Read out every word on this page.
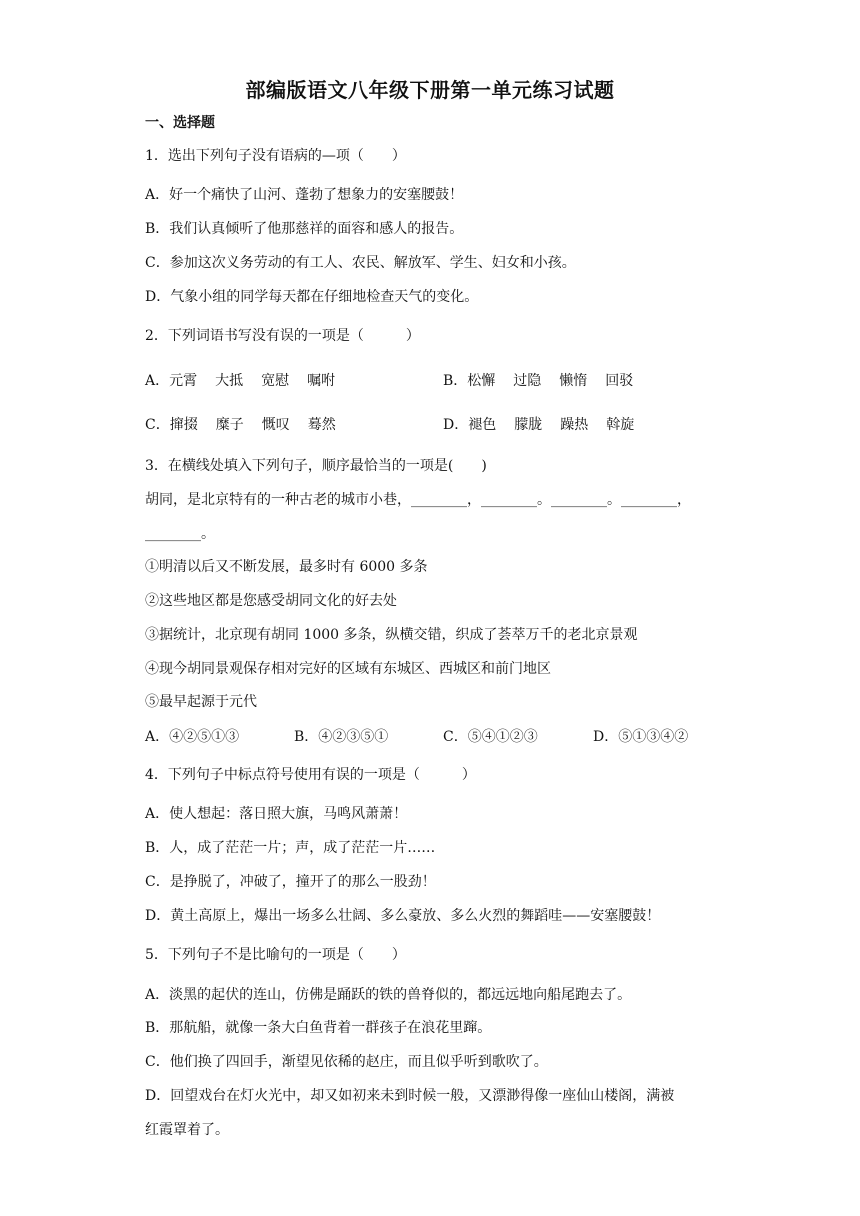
部编版语文八年级下册第一单元练习试题
一、选择题
1．选出下列句子没有语病的—项（　　）
A．好一个痛快了山河、蓬勃了想象力的安塞腰鼓！
B．我们认真倾听了他那慈祥的面容和感人的报告。
C．参加这次义务劳动的有工人、农民、解放军、学生、妇女和小孩。
D．气象小组的同学每天都在仔细地检查天气的变化。
2．下列词语书写没有误的一项是（　　　）
A．元霄 大抵 宽慰 嘱咐	B．松懈 过隐 懒惰 回驳
C．撺掇 糜子 慨叹 蓦然	D．褪色 朦胧 躁热 斡旋
3．在横线处填入下列句子，顺序最恰当的一项是(　　)
胡同，是北京特有的一种古老的城市小巷，________，________。________。________，
________。
①明清以后又不断发展，最多时有 6000 多条
②这些地区都是您感受胡同文化的好去处
③据统计，北京现有胡同 1000 多条，纵横交错，织成了荟萃万千的老北京景观
④现今胡同景观保存相对完好的区域有东城区、西城区和前门地区
⑤最早起源于元代
A．④②⑤①③	B．④②③⑤①	C．⑤④①②③	D．⑤①③④②
4．下列句子中标点符号使用有误的一项是（　　　）
A．使人想起：落日照大旗，马鸣风萧萧！
B．人，成了茫茫一片；声，成了茫茫一片……
C．是挣脱了，冲破了，撞开了的那么一股劲！
D．黄土高原上，爆出一场多么壮阔、多么豪放、多么火烈的舞蹈哇——安塞腰鼓！
5．下列句子不是比喻句的一项是（　　）
A．淡黑的起伏的连山，仿佛是踊跃的铁的兽脊似的，都远远地向船尾跑去了。
B．那航船，就像一条大白鱼背着一群孩子在浪花里蹿。
C．他们换了四回手，渐望见依稀的赵庄，而且似乎听到歌吹了。
D．回望戏台在灯火光中，却又如初来未到时候一般，又漂渺得像一座仙山楼阁，满被
红霞罩着了。
